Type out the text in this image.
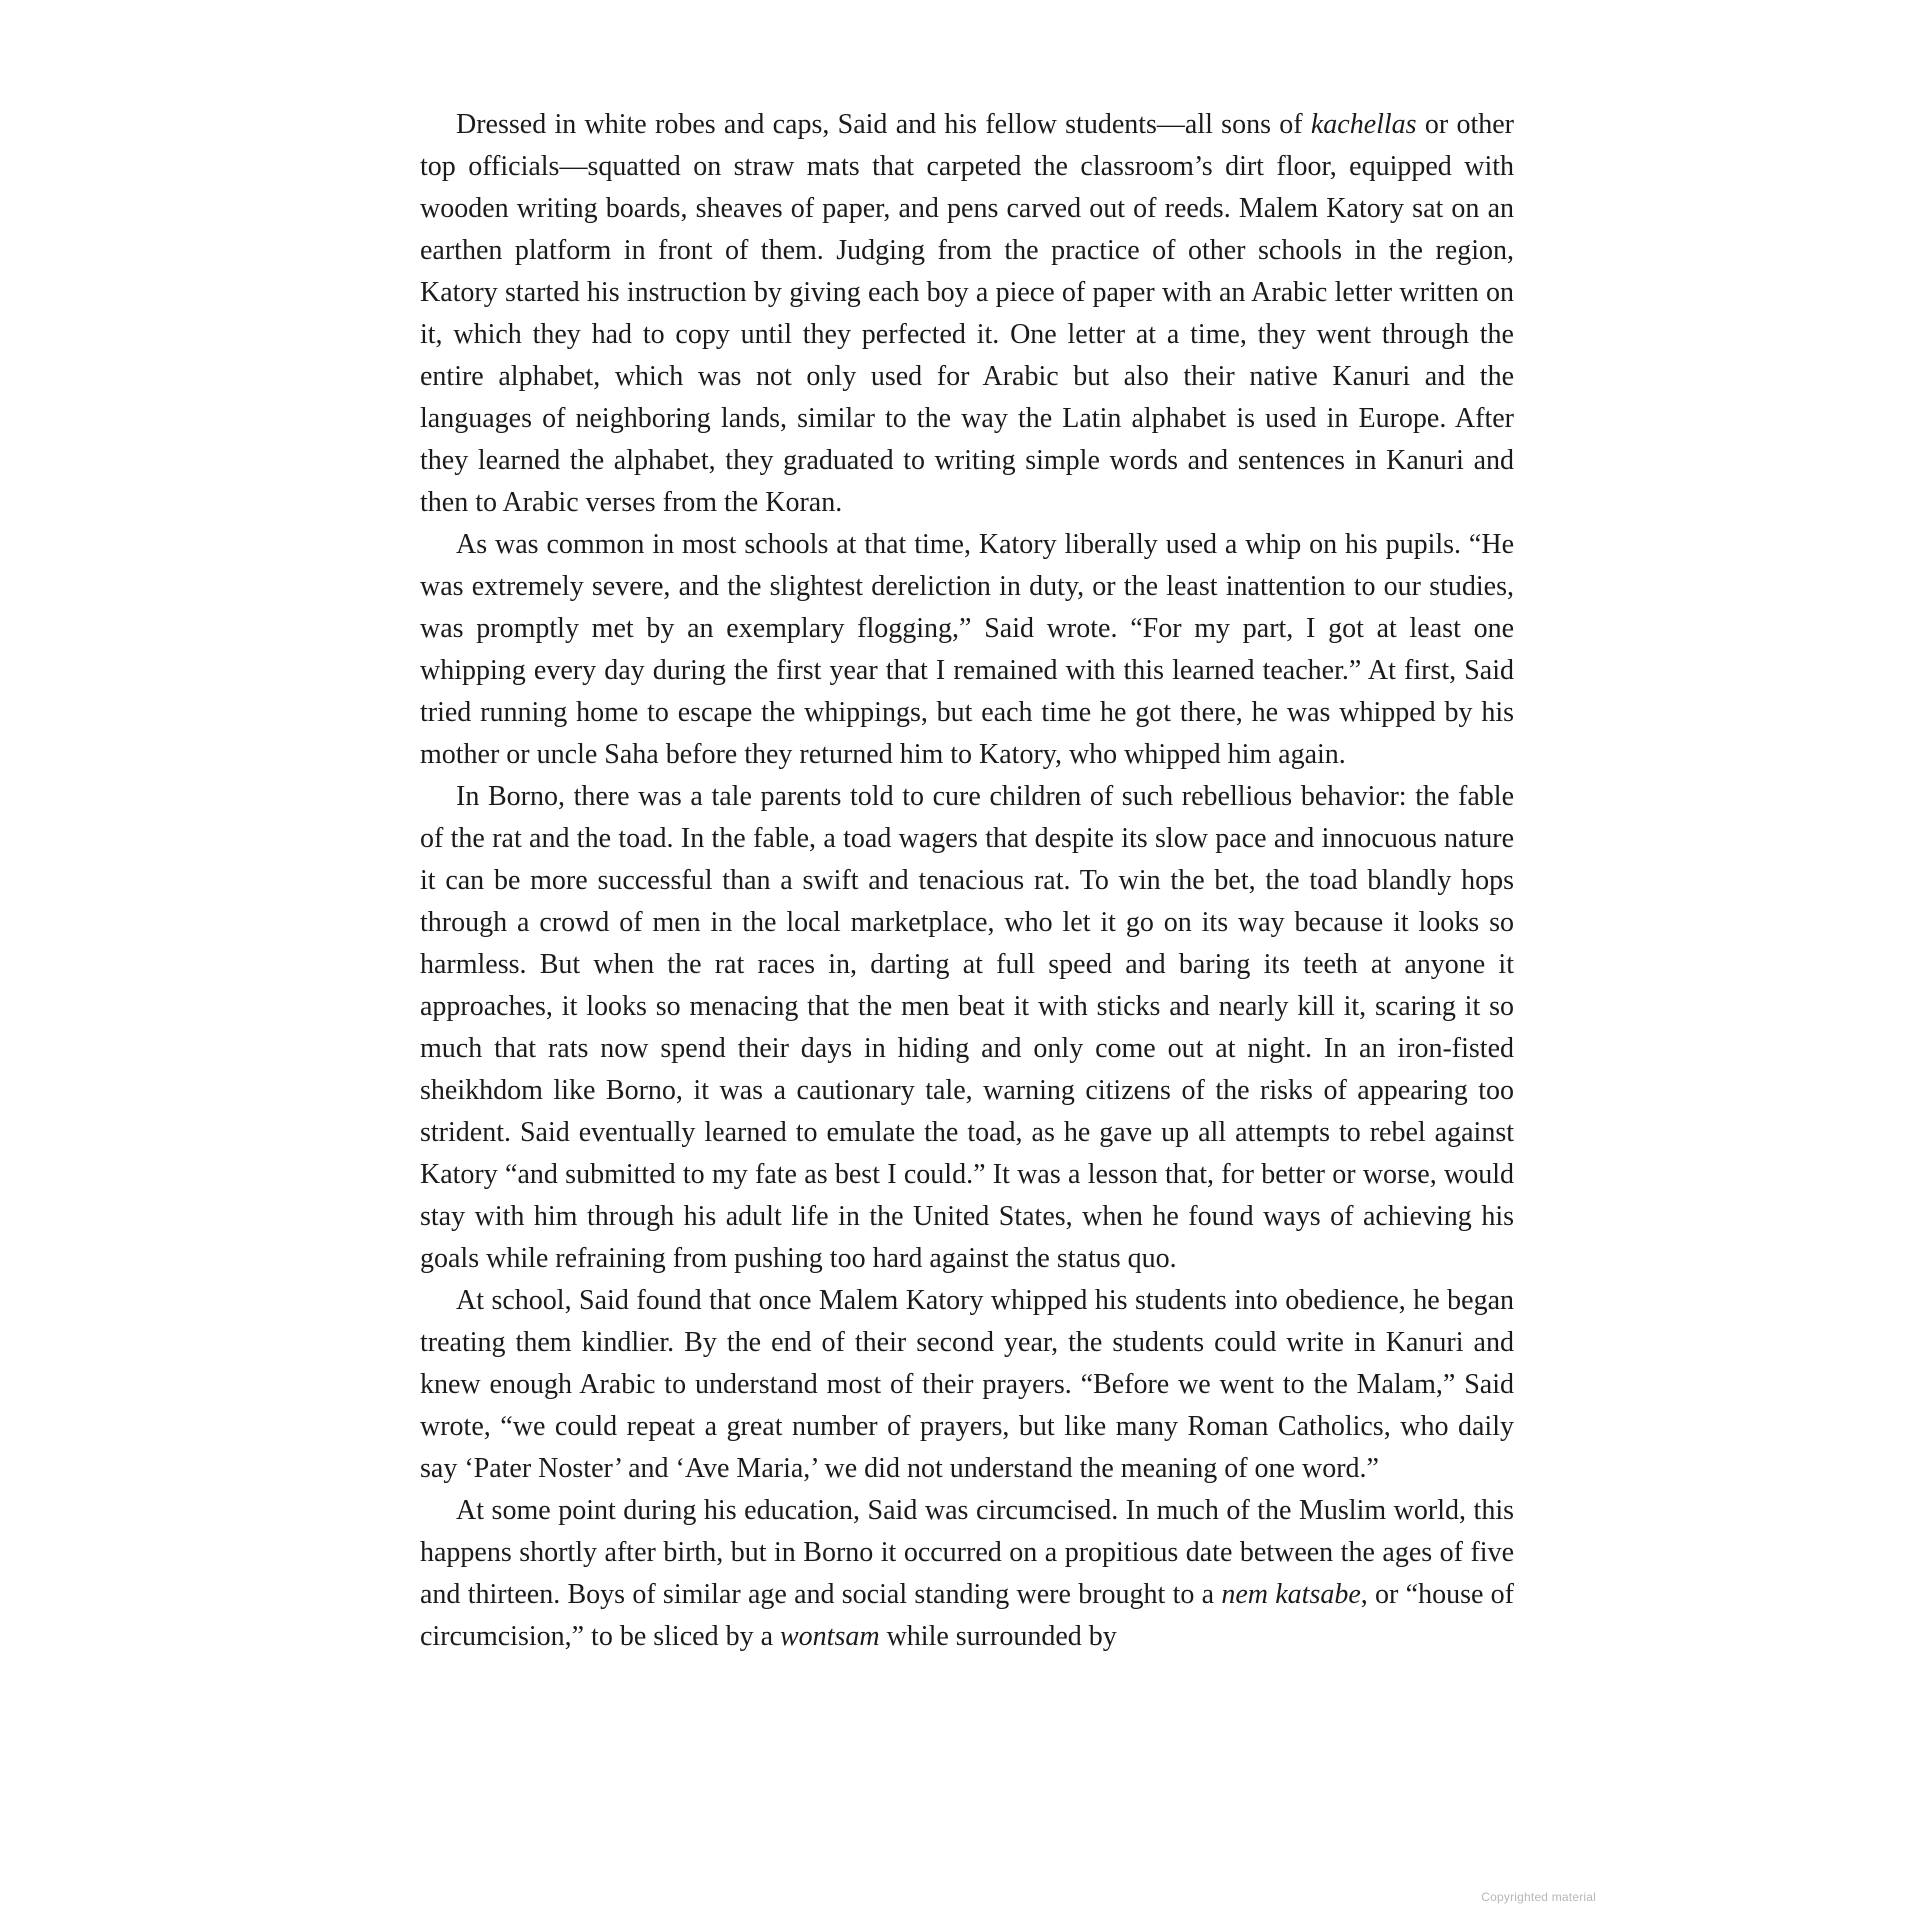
Dressed in white robes and caps, Said and his fellow students—all sons of kachellas or other top officials—squatted on straw mats that carpeted the classroom’s dirt floor, equipped with wooden writing boards, sheaves of paper, and pens carved out of reeds. Malem Katory sat on an earthen platform in front of them. Judging from the practice of other schools in the region, Katory started his instruction by giving each boy a piece of paper with an Arabic letter written on it, which they had to copy until they perfected it. One letter at a time, they went through the entire alphabet, which was not only used for Arabic but also their native Kanuri and the languages of neighboring lands, similar to the way the Latin alphabet is used in Europe. After they learned the alphabet, they graduated to writing simple words and sentences in Kanuri and then to Arabic verses from the Koran.

As was common in most schools at that time, Katory liberally used a whip on his pupils. “He was extremely severe, and the slightest dereliction in duty, or the least inattention to our studies, was promptly met by an exemplary flogging,” Said wrote. “For my part, I got at least one whipping every day during the first year that I remained with this learned teacher.” At first, Said tried running home to escape the whippings, but each time he got there, he was whipped by his mother or uncle Saha before they returned him to Katory, who whipped him again.

In Borno, there was a tale parents told to cure children of such rebellious behavior: the fable of the rat and the toad. In the fable, a toad wagers that despite its slow pace and innocuous nature it can be more successful than a swift and tenacious rat. To win the bet, the toad blandly hops through a crowd of men in the local marketplace, who let it go on its way because it looks so harmless. But when the rat races in, darting at full speed and baring its teeth at anyone it approaches, it looks so menacing that the men beat it with sticks and nearly kill it, scaring it so much that rats now spend their days in hiding and only come out at night. In an iron-fisted sheikhdom like Borno, it was a cautionary tale, warning citizens of the risks of appearing too strident. Said eventually learned to emulate the toad, as he gave up all attempts to rebel against Katory “and submitted to my fate as best I could.” It was a lesson that, for better or worse, would stay with him through his adult life in the United States, when he found ways of achieving his goals while refraining from pushing too hard against the status quo.

At school, Said found that once Malem Katory whipped his students into obedience, he began treating them kindlier. By the end of their second year, the students could write in Kanuri and knew enough Arabic to understand most of their prayers. “Before we went to the Malam,” Said wrote, “we could repeat a great number of prayers, but like many Roman Catholics, who daily say ‘Pater Noster’ and ‘Ave Maria,’ we did not understand the meaning of one word.”

At some point during his education, Said was circumcised. In much of the Muslim world, this happens shortly after birth, but in Borno it occurred on a propitious date between the ages of five and thirteen. Boys of similar age and social standing were brought to a nem katsabe, or “house of circumcision,” to be sliced by a wontsam while surrounded by

Copyrighted material
